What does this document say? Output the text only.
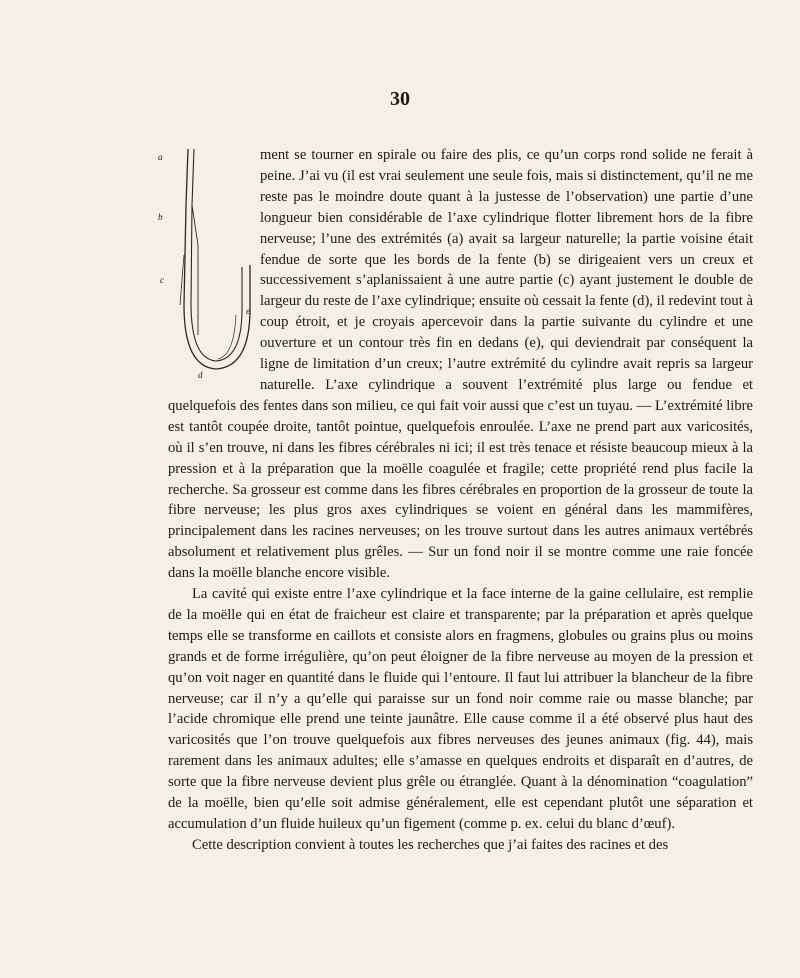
30

a
b
c
e
d
ment se tourner en spirale ou faire des plis, ce qu’un corps rond solide ne ferait à peine. J’ai vu (il est vrai seulement une seule fois, mais si distinctement, qu’il ne me reste pas le moindre doute quant à la justesse de l’observation) une partie d’une longueur bien considérable de l’axe cylindrique flotter librement hors de la fibre nerveuse; l’une des extrémités (a) avait sa largeur naturelle; la partie voisine était fendue de sorte que les bords de la fente (b) se dirigeaient vers un creux et successivement s’aplanissaient à une autre partie (c) ayant justement le double de largeur du reste de l’axe cylindrique; ensuite où cessait la fente (d), il redevint tout à coup étroit, et je croyais apercevoir dans la partie suivante du cylindre et une ouverture et un contour très fin en dedans (e), qui deviendrait par conséquent la ligne de limitation d’un creux; l’autre extrémité du cylindre avait repris sa largeur naturelle. L’axe cylindrique a souvent l’extrémité plus large ou fendue et quelquefois des fentes dans son milieu, ce qui fait voir aussi que c’est un tuyau. — L’extrémité libre est tantôt coupée droite, tantôt pointue, quelquefois enroulée. L’axe ne prend part aux varicosités, où il s’en trouve, ni dans les fibres cérébrales ni ici; il est très tenace et résiste beaucoup mieux à la pression et à la préparation que la moëlle coagulée et fragile; cette propriété rend plus facile la recherche. Sa grosseur est comme dans les fibres cérébrales en proportion de la grosseur de toute la fibre nerveuse; les plus gros axes cylindriques se voient en général dans les mammifères, principalement dans les racines nerveuses; on les trouve surtout dans les autres animaux vertébrés absolument et relativement plus grêles. — Sur un fond noir il se montre comme une raie foncée dans la moëlle blanche encore visible.

La cavité qui existe entre l’axe cylindrique et la face interne de la gaine cellulaire, est remplie de la moëlle qui en état de fraicheur est claire et transparente; par la préparation et après quelque temps elle se transforme en caillots et consiste alors en fragmens, globules ou grains plus ou moins grands et de forme irrégulière, qu’on peut éloigner de la fibre nerveuse au moyen de la pression et qu’on voit nager en quantité dans le fluide qui l’entoure. Il faut lui attribuer la blancheur de la fibre nerveuse; car il n’y a qu’elle qui paraisse sur un fond noir comme raie ou masse blanche; par l’acide chromique elle prend une teinte jaunâtre. Elle cause comme il a été observé plus haut des varicosités que l’on trouve quelquefois aux fibres nerveuses des jeunes animaux (fig. 44), mais rarement dans les animaux adultes; elle s’amasse en quelques endroits et disparaît en d’autres, de sorte que la fibre nerveuse devient plus grêle ou étranglée. Quant à la dénomination “coagulation” de la moëlle, bien qu’elle soit admise généralement, elle est cependant plutôt une séparation et accumulation d’un fluide huileux qu’un figement (comme p. ex. celui du blanc d’œuf).

Cette description convient à toutes les recherches que j’ai faites des racines et des
